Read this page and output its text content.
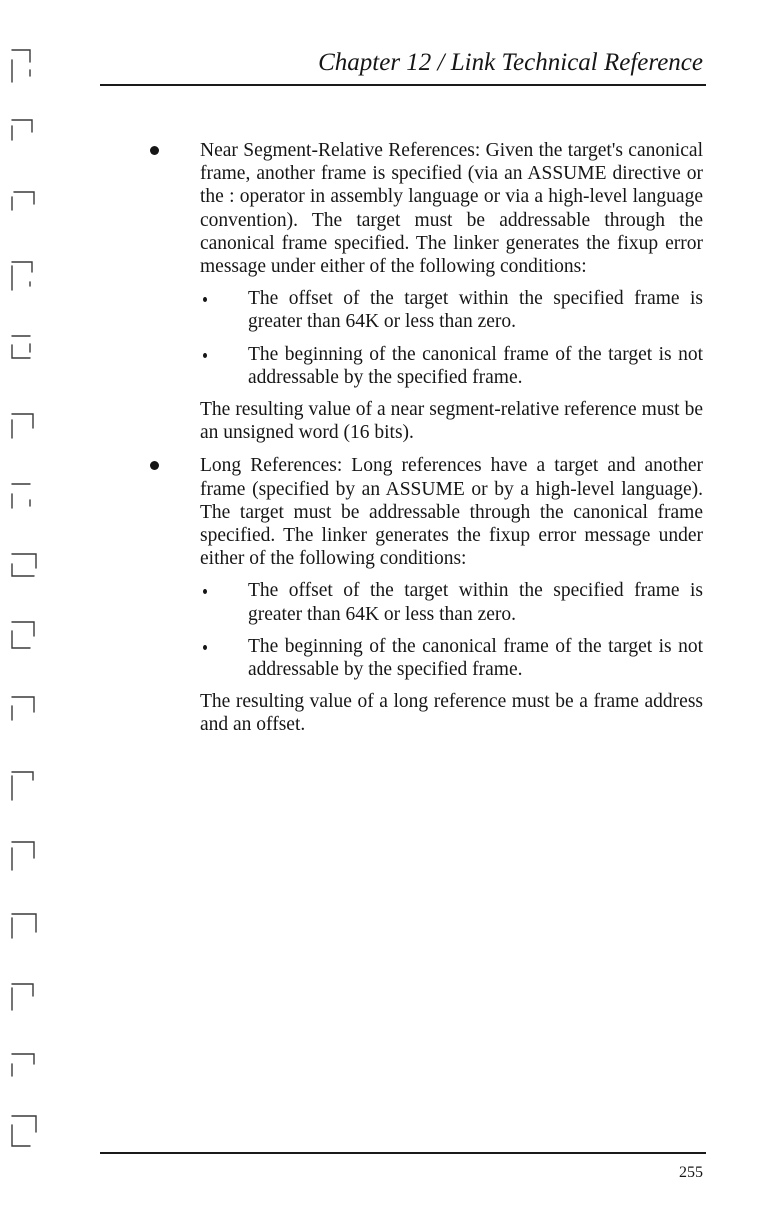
Chapter 12 / Link Technical Reference

Near Segment-Relative References: Given the target's canonical frame, another frame is specified (via an ASSUME directive or the : operator in assembly language or via a high-level language convention). The target must be addressable through the canonical frame specified. The linker generates the fixup error message under either of the following conditions:

The offset of the target within the specified frame is greater than 64K or less than zero.

The beginning of the canonical frame of the target is not addressable by the specified frame.

The resulting value of a near segment-relative reference must be an unsigned word (16 bits).

Long References: Long references have a target and another frame (specified by an ASSUME or by a high-level language). The target must be addressable through the canonical frame specified. The linker generates the fixup error message under either of the following conditions:

The offset of the target within the specified frame is greater than 64K or less than zero.

The beginning of the canonical frame of the target is not addressable by the specified frame.

The resulting value of a long reference must be a frame address and an offset.

255
